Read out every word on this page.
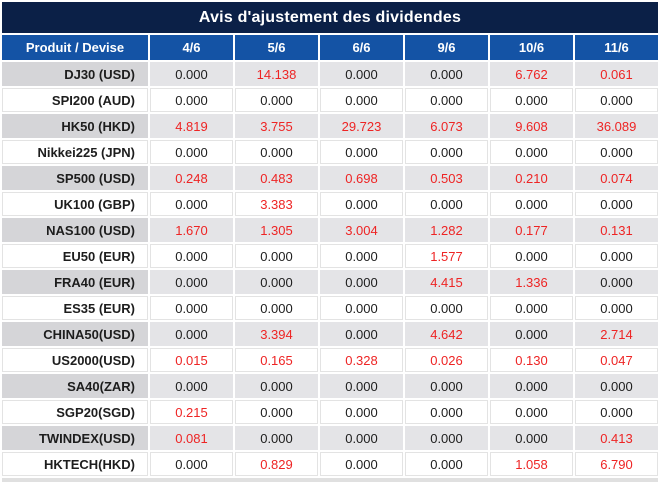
Avis d'ajustement des dividendes
Produit / Devise	4/6	5/6	6/6	9/6	10/6	11/6
DJ30 (USD)	0.000	14.138	0.000	0.000	6.762	0.061
SPI200 (AUD)	0.000	0.000	0.000	0.000	0.000	0.000
HK50 (HKD)	4.819	3.755	29.723	6.073	9.608	36.089
Nikkei225 (JPN)	0.000	0.000	0.000	0.000	0.000	0.000
SP500 (USD)	0.248	0.483	0.698	0.503	0.210	0.074
UK100 (GBP)	0.000	3.383	0.000	0.000	0.000	0.000
NAS100 (USD)	1.670	1.305	3.004	1.282	0.177	0.131
EU50 (EUR)	0.000	0.000	0.000	1.577	0.000	0.000
FRA40 (EUR)	0.000	0.000	0.000	4.415	1.336	0.000
ES35 (EUR)	0.000	0.000	0.000	0.000	0.000	0.000
CHINA50(USD)	0.000	3.394	0.000	4.642	0.000	2.714
US2000(USD)	0.015	0.165	0.328	0.026	0.130	0.047
SA40(ZAR)	0.000	0.000	0.000	0.000	0.000	0.000
SGP20(SGD)	0.215	0.000	0.000	0.000	0.000	0.000
TWINDEX(USD)	0.081	0.000	0.000	0.000	0.000	0.413
HKTECH(HKD)	0.000	0.829	0.000	0.000	1.058	6.790
